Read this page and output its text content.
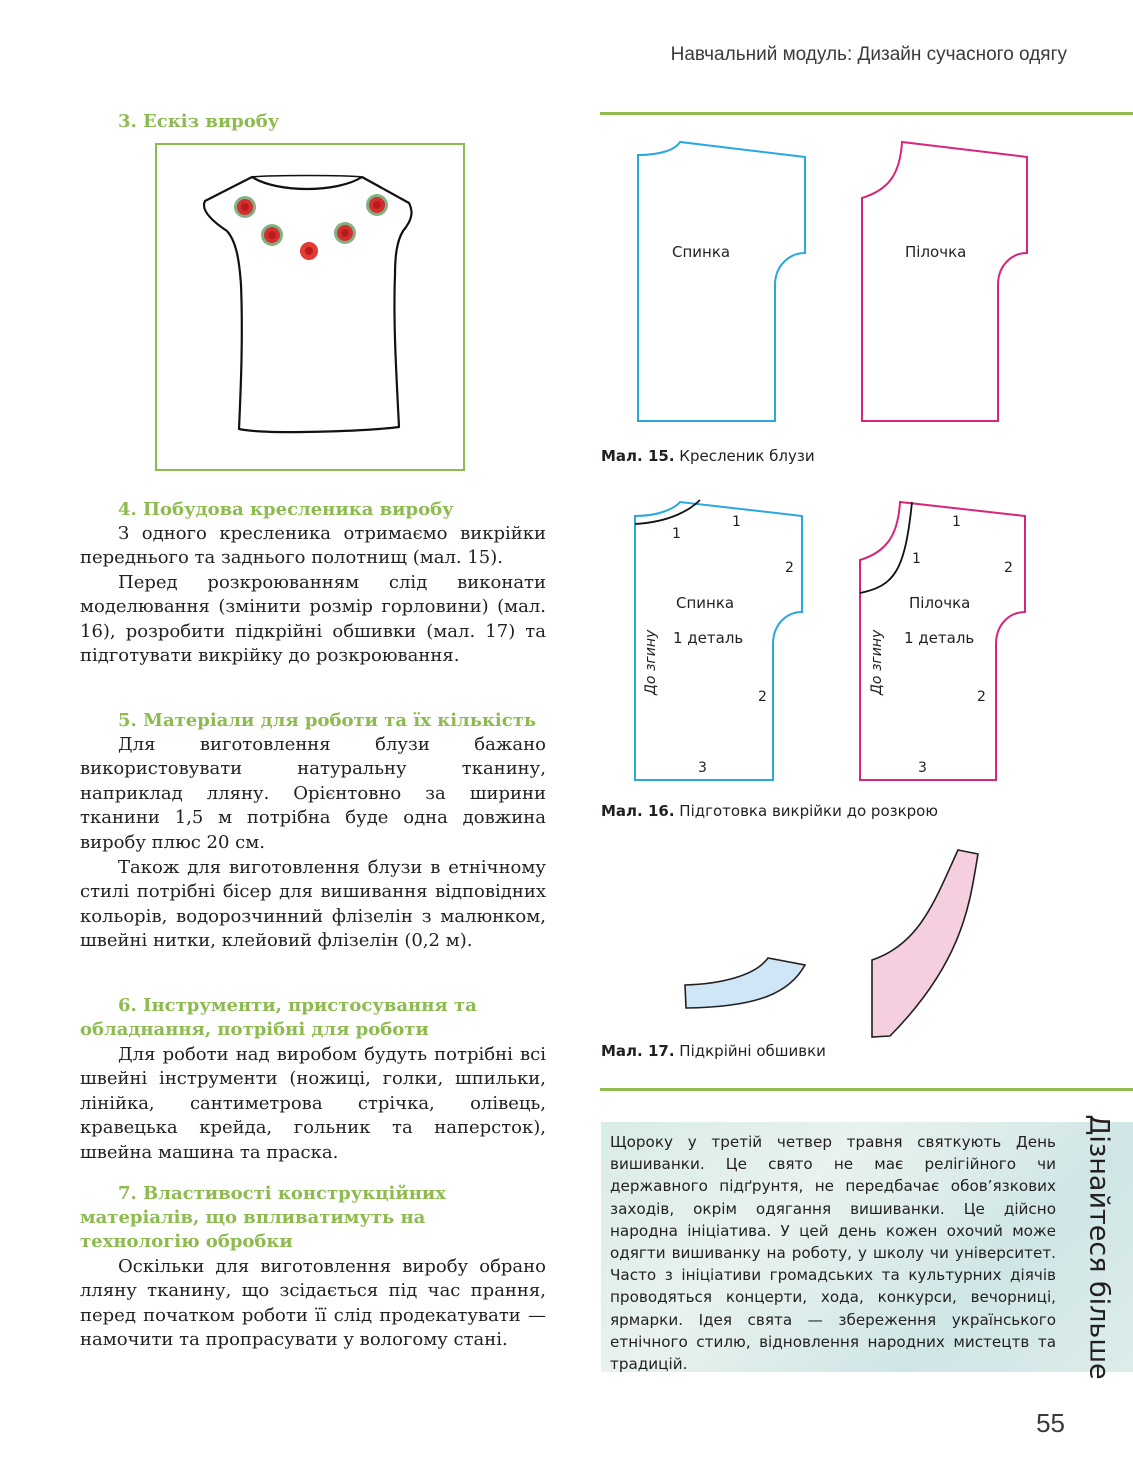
Навчальний модуль: Дизайн сучасного одягу
3. Ескіз виробу
4. Побудова кресленика виробу
З одного кресленика отримаємо викрійки переднього та заднього полотнищ (мал. 15).
Перед розкроюванням слід виконати моделювання (змінити розмір горловини) (мал. 16), розробити підкрійні обшивки (мал. 17) та підготувати викрійку до розкроювання.
5. Матеріали для роботи та їх кількість
Для виготовлення блузи бажано використовувати натуральну тканину, наприклад лляну. Орієнтовно за ширини тканини 1,5 м потрібна буде одна довжина виробу плюс 20 см.
Також для виготовлення блузи в етнічному стилі потрібні бісер для вишивання відповідних кольорів, водорозчинний флізелін з малюнком, швейні нитки, клейовий флізелін (0,2 м).
6. Інструменти, пристосування та обладнання, потрібні для роботи
Для роботи над виробом будуть потрібні всі швейні інструменти (ножиці, голки, шпильки, лінійка, сантиметрова стрічка, олівець, кравецька крейда, гольник та наперсток), швейна машина та праска.
7. Властивості конструкційних матеріалів, що впливатимуть на технологію обробки
Оскільки для виготовлення виробу обрано лляну тканину, що зсідається під час прання, перед початком роботи її слід продекатувати — намочити та пропрасувати у вологому стані.
Спинка	Пілочка
Мал. 15. Кресленик блузи
1
1
2
2
3
Спинка
1 деталь
До згину
1
1
2
2
3
Пілочка
1 деталь
До згину
Мал. 16. Підготовка викрійки до розкрою
Мал. 17. Підкрійні обшивки
Щороку у третій четвер травня святкують День вишиванки. Це свято не має релігійного чи державного підґрунтя, не передбачає обов’язкових заходів, окрім одягання вишиванки. Це дійсно народна ініціатива. У цей день кожен охочий може одягти вишиванку на роботу, у школу чи університет. Часто з ініціативи громадських та культурних діячів проводяться концерти, хода, конкурси, вечорниці, ярмарки. Ідея свята — збереження українського етнічного стилю, відновлення народних мистецтв та традицій.	Дізнайтеся більше
55
